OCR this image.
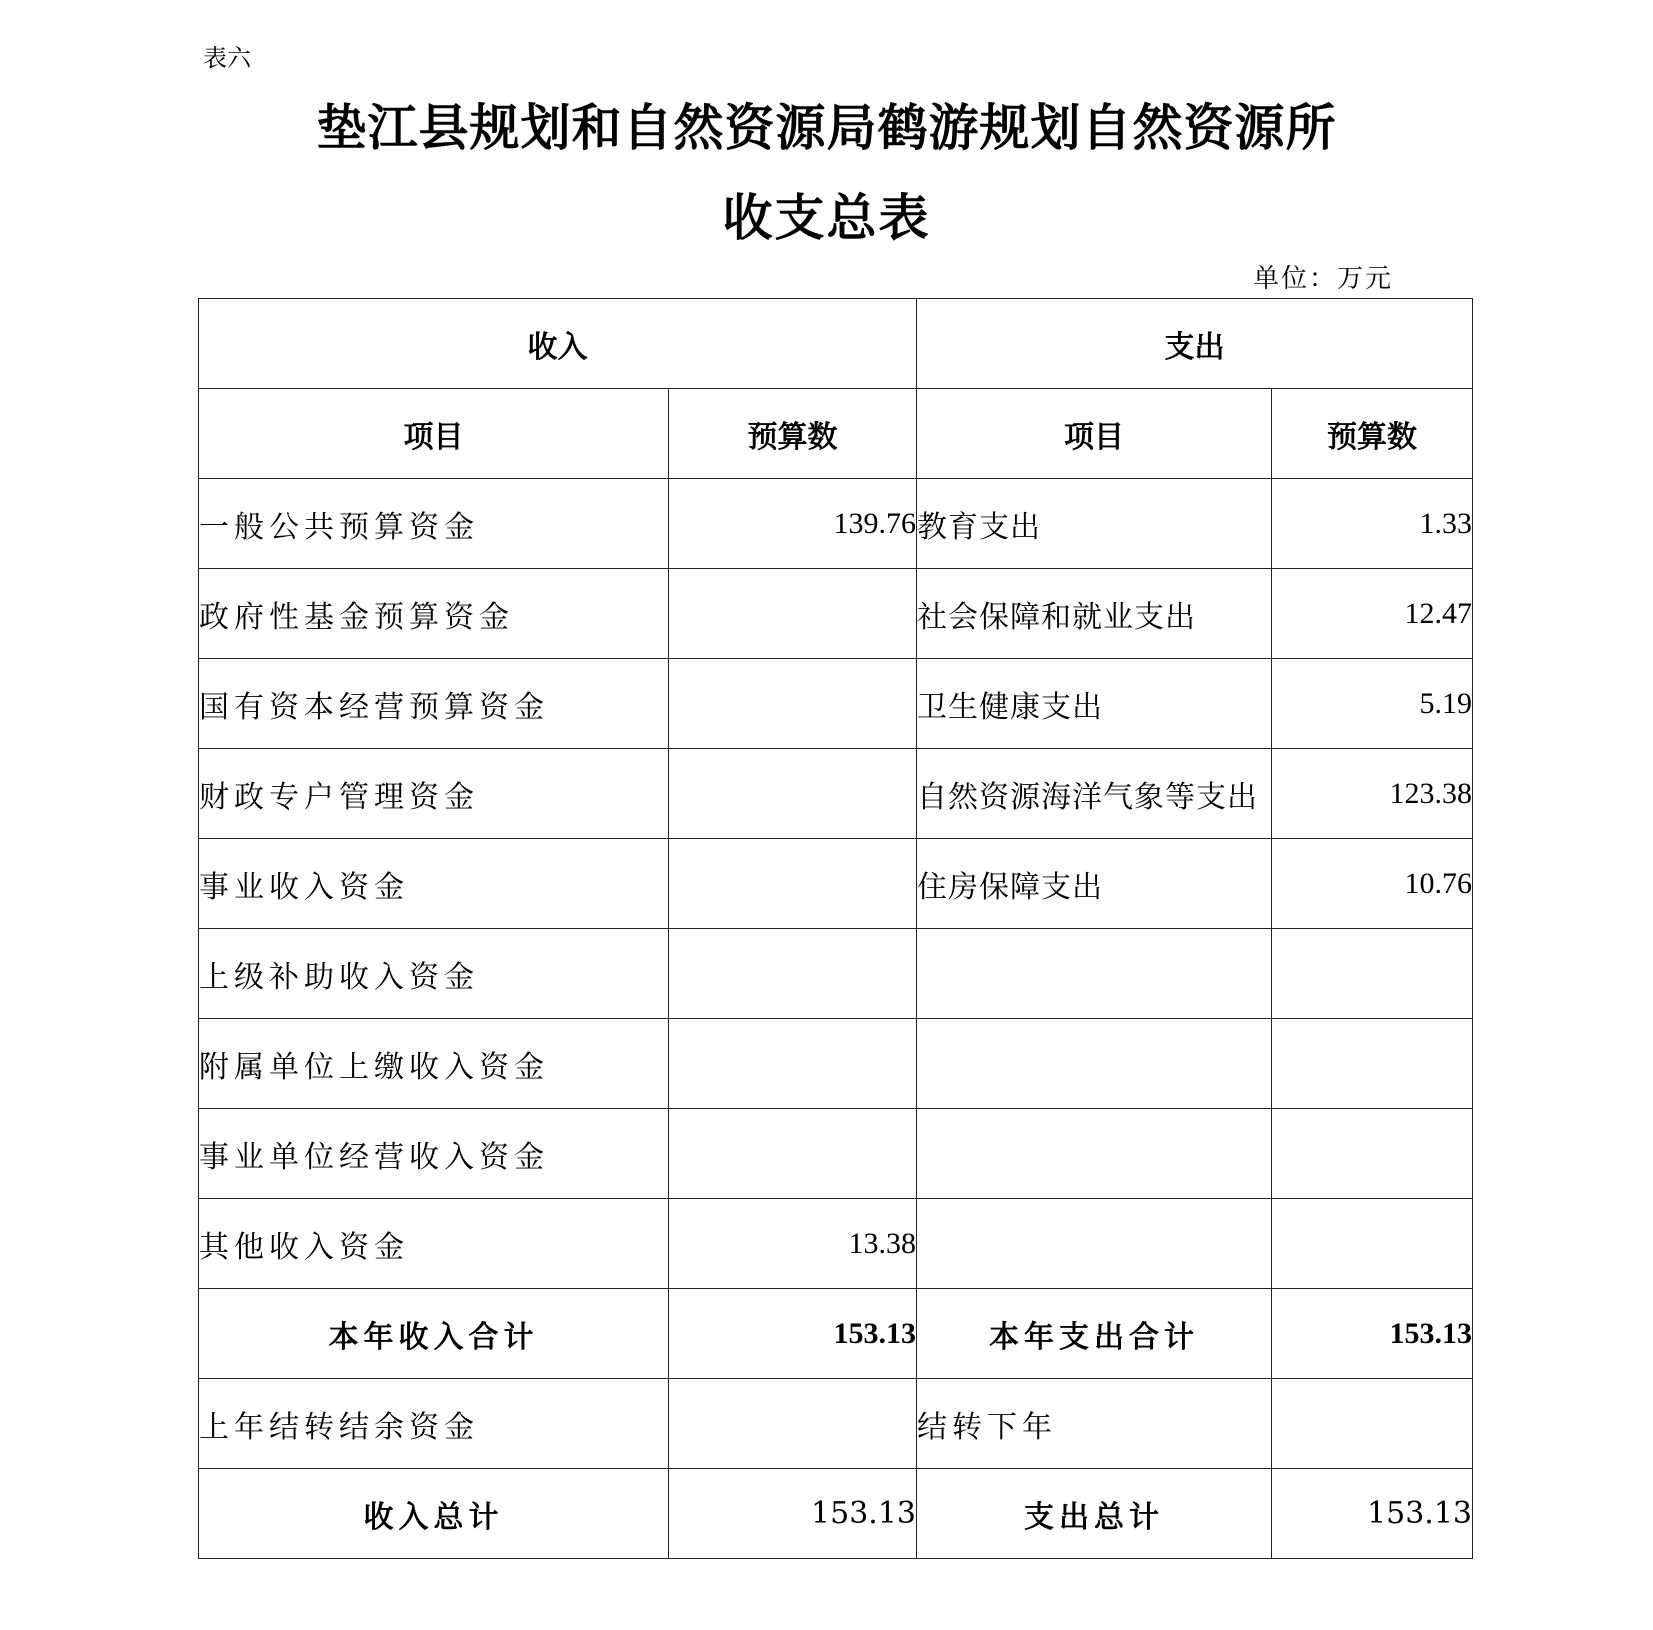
表六
垫江县规划和自然资源局鹤游规划自然资源所
收支总表
单位：万元
收入		支出	
项目	预算数	项目	预算数
一般公共预算资金	139.76	教育支出	1.33
政府性基金预算资金		社会保障和就业支出	12.47
国有资本经营预算资金		卫生健康支出	5.19
财政专户管理资金		自然资源海洋气象等支出	123.38
事业收入资金		住房保障支出	10.76
上级补助收入资金			
附属单位上缴收入资金			
事业单位经营收入资金			
其他收入资金	13.38		
本年收入合计	153.13	本年支出合计	153.13
上年结转结余资金		结转下年	
收入总计	153.13	支出总计	153.13
